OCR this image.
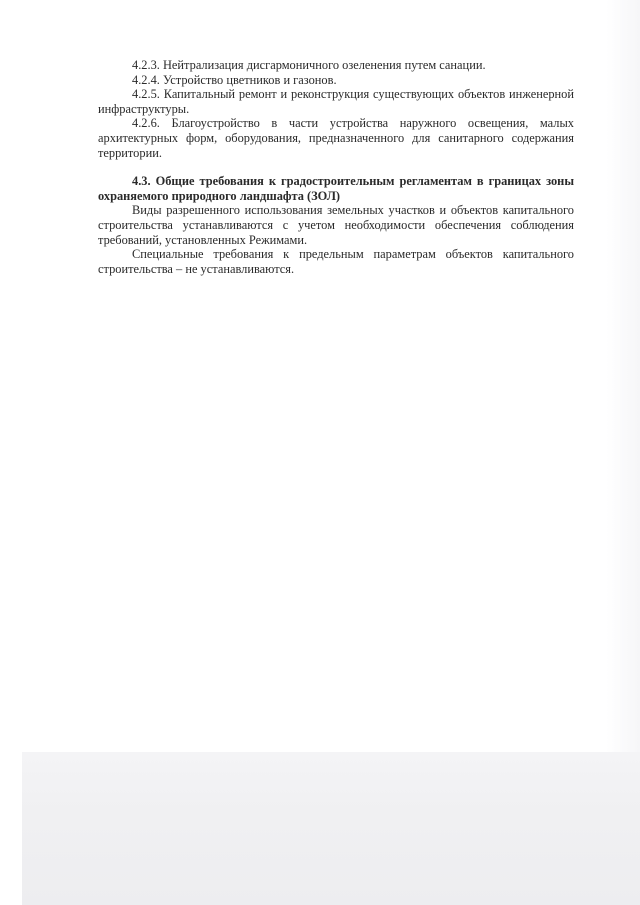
4.2.3. Нейтрализация дисгармоничного озеленения путем санации.

4.2.4. Устройство цветников и газонов.

4.2.5. Капитальный ремонт и реконструкция существующих объектов инженерной инфраструктуры.

4.2.6. Благоустройство в части устройства наружного освещения, малых архитектурных форм, оборудования, предназначенного для санитарного содержания территории.

4.3. Общие требования к градостроительным регламентам в границах зоны охраняемого природного ландшафта (ЗОЛ)

Виды разрешенного использования земельных участков и объектов капитального строительства устанавливаются с учетом необходимости обеспечения соблюдения требований, установленных Режимами.

Специальные требования к предельным параметрам объектов капитального строительства – не устанавливаются.
